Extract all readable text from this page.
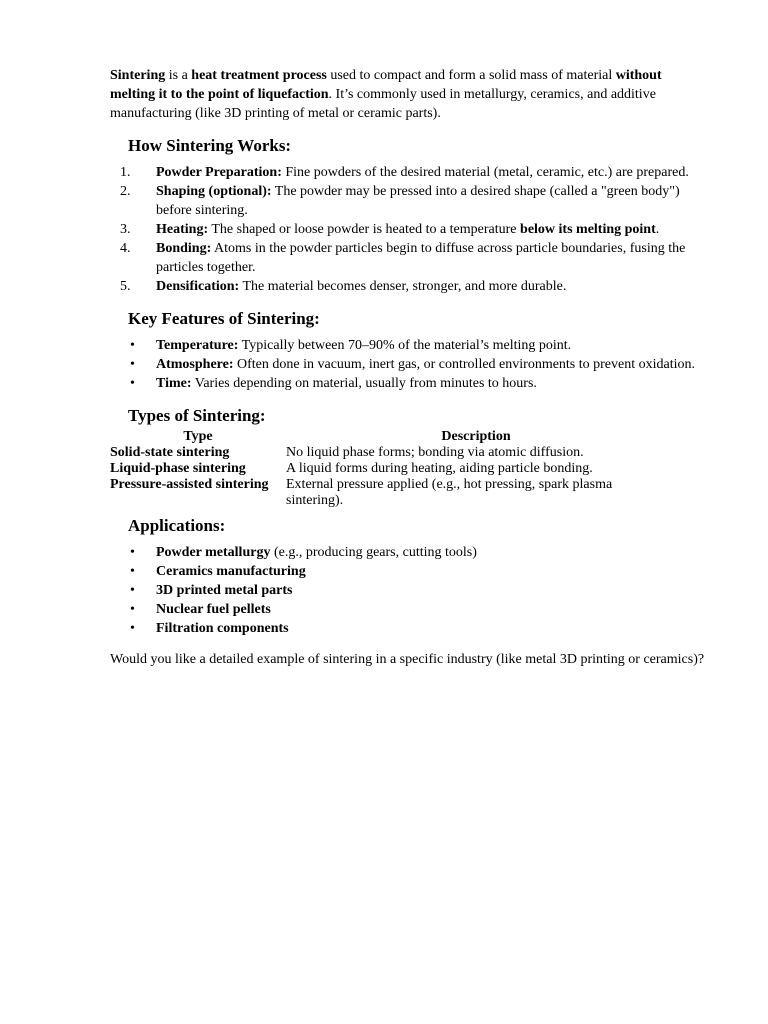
Sintering is a heat treatment process used to compact and form a solid mass of material without melting it to the point of liquefaction. It’s commonly used in metallurgy, ceramics, and additive manufacturing (like 3D printing of metal or ceramic parts).

How Sintering Works:
1.	Powder Preparation: Fine powders of the desired material (metal, ceramic, etc.) are prepared.
2.	Shaping (optional): The powder may be pressed into a desired shape (called a "green body") before sintering.
3.	Heating: The shaped or loose powder is heated to a temperature below its melting point.
4.	Bonding: Atoms in the powder particles begin to diffuse across particle boundaries, fusing the particles together.
5.	Densification: The material becomes denser, stronger, and more durable.
Key Features of Sintering:
• Temperature: Typically between 70–90% of the material’s melting point.
• Atmosphere: Often done in vacuum, inert gas, or controlled environments to prevent oxidation.
• Time: Varies depending on material, usually from minutes to hours.
Types of Sintering:
Type	Description
Solid-state sintering	No liquid phase forms; bonding via atomic diffusion.
Liquid-phase sintering	A liquid forms during heating, aiding particle bonding.
Pressure-assisted sintering	External pressure applied (e.g., hot pressing, spark plasma sintering).
Applications:
• Powder metallurgy (e.g., producing gears, cutting tools)
• Ceramics manufacturing
• 3D printed metal parts
• Nuclear fuel pellets
• Filtration components

Would you like a detailed example of sintering in a specific industry (like metal 3D printing or ceramics)?
